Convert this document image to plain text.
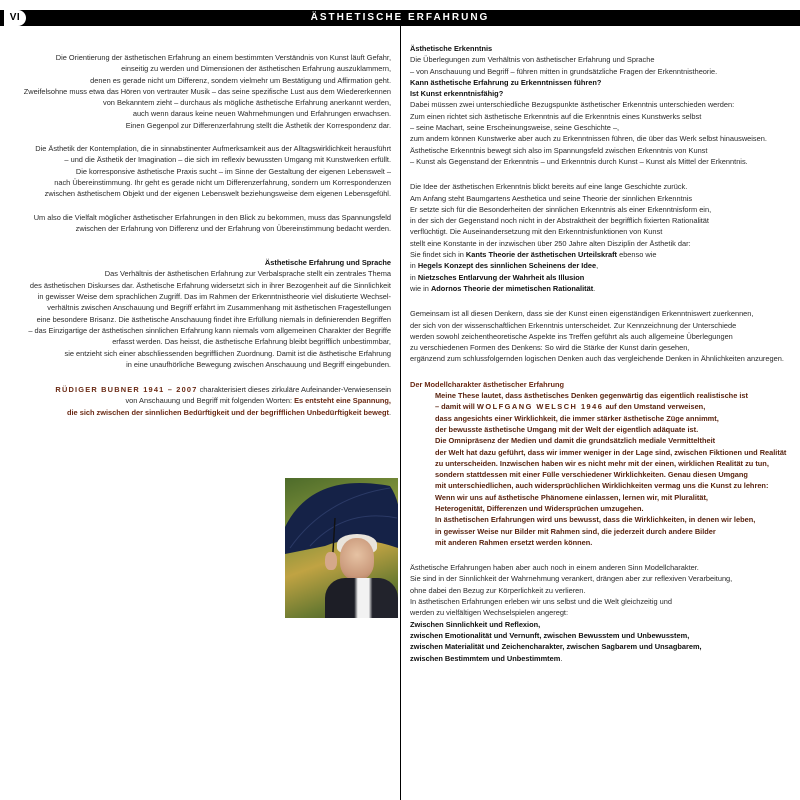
VI	ÄSTHETISCHE ERFAHRUNG

Die Orientierung der ästhetischen Erfahrung an einem bestimmten Verständnis von Kunst läuft Gefahr,
einseitig zu werden und Dimensionen der ästhetischen Erfahrung auszuklammern,
denen es gerade nicht um Differenz, sondern vielmehr um Bestätigung und Affirmation geht.
Zweifelsohne muss etwa das Hören von vertrauter Musik – das seine spezifische Lust aus dem Wiedererkennen
von Bekanntem zieht – durchaus als mögliche ästhetische Erfahrung anerkannt werden,
auch wenn daraus keine neuen Wahrnehmungen und Erfahrungen erwachsen.
Einen Gegenpol zur Differenzerfahrung stellt die Ästhetik der Korrespondenz dar.

Die Ästhetik der Kontemplation, die in sinnabstinenter Aufmerksamkeit aus der Alltagswirklichkeit herausführt
– und die Ästhetik der Imagination – die sich im reflexiv bewussten Umgang mit Kunstwerken erfüllt.
Die korresponsive ästhetische Praxis sucht – im Sinne der Gestaltung der eigenen Lebenswelt –
nach Übereinstimmung. Ihr geht es gerade nicht um Differenzerfahrung, sondern um Korrespondenzen
zwischen ästhetischem Objekt und der eigenen Lebenswelt beziehungsweise dem eigenen Lebensgefühl.

Um also die Vielfalt möglicher ästhetischer Erfahrungen in den Blick zu bekommen, muss das Spannungsfeld
zwischen der Erfahrung von Differenz und der Erfahrung von Übereinstimmung bedacht werden.

Ästhetische Erfahrung und Sprache
Das Verhältnis der ästhetischen Erfahrung zur Verbalsprache stellt ein zentrales Thema
des ästhetischen Diskurses dar. Ästhetische Erfahrung widersetzt sich in ihrer Bezogenheit auf die Sinnlichkeit
in gewisser Weise dem sprachlichen Zugriff. Das im Rahmen der Erkenntnistheorie viel diskutierte Wechsel-
verhältnis zwischen Anschauung und Begriff erfährt im Zusammenhang mit ästhetischen Fragestellungen
eine besondere Brisanz. Die ästhetische Anschauung findet ihre Erfüllung niemals in definierenden Begriffen
– das Einzigartige der ästhetischen sinnlichen Erfahrung kann niemals vom allgemeinen Charakter der Begriffe
erfasst werden. Das heisst, die ästhetische Erfahrung bleibt begrifflich unbestimmbar,
sie entzieht sich einer abschliessenden begrifflichen Zuordnung. Damit ist die ästhetische Erfahrung
in eine unaufhörliche Bewegung zwischen Anschauung und Begriff eingebunden.

RÜDIGER BUBNER 1941 – 2007 charakterisiert dieses zirkuläre Aufeinander-Verwiesensein
von Anschauung und Begriff mit folgenden Worten: Es entsteht eine Spannung,
die sich zwischen der sinnlichen Bedürftigkeit und der begrifflichen Unbedürftigkeit bewegt.

Ästhetische Erkenntnis
Die Überlegungen zum Verhältnis von ästhetischer Erfahrung und Sprache
– von Anschauung und Begriff – führen mitten in grundsätzliche Fragen der Erkenntnistheorie.
Kann ästhetische Erfahrung zu Erkenntnissen führen?
Ist Kunst erkenntnisfähig?
Dabei müssen zwei unterschiedliche Bezugspunkte ästhetischer Erkenntnis unterschieden werden:
Zum einen richtet sich ästhetische Erkenntnis auf die Erkenntnis eines Kunstwerks selbst
– seine Machart, seine Erscheinungsweise, seine Geschichte –,
zum andern können Kunstwerke aber auch zu Erkenntnissen führen, die über das Werk selbst hinausweisen.
Ästhetische Erkenntnis bewegt sich also im Spannungsfeld zwischen Erkenntnis von Kunst
– Kunst als Gegenstand der Erkenntnis – und Erkenntnis durch Kunst – Kunst als Mittel der Erkenntnis.

Die Idee der ästhetischen Erkenntnis blickt bereits auf eine lange Geschichte zurück.
Am Anfang steht Baumgartens Aesthetica und seine Theorie der sinnlichen Erkenntnis
Er setzte sich für die Besonderheiten der sinnlichen Erkenntnis als einer Erkenntnisform ein,
in der sich der Gegenstand noch nicht in der Abstraktheit der begrifflich fixierten Rationalität
verflüchtigt. Die Auseinandersetzung mit den Erkenntnisfunktionen von Kunst
stellt eine Konstante in der inzwischen über 250 Jahre alten Disziplin der Ästhetik dar:
Sie findet sich in Kants Theorie der ästhetischen Urteilskraft ebenso wie
in Hegels Konzept des sinnlichen Scheinens der Idee,
in Nietzsches Entlarvung der Wahrheit als Illusion
wie in Adornos Theorie der mimetischen Rationalität.

Gemeinsam ist all diesen Denkern, dass sie der Kunst einen eigenständigen Erkenntniswert zuerkennen,
der sich von der wissenschaftlichen Erkenntnis unterscheidet. Zur Kennzeichnung der Unterschiede
werden sowohl zeichentheoretische Aspekte ins Treffen geführt als auch allgemeine Überlegungen
zu verschiedenen Formen des Denkens: So wird die Stärke der Kunst darin gesehen,
ergänzend zum schlussfolgernden logischen Denken auch das vergleichende Denken in Ähnlichkeiten anzuregen.

Der Modellcharakter ästhetischer Erfahrung
Meine These lautet, dass ästhetisches Denken gegenwärtig das eigentlich realistische ist
– damit will WOLFGANG WELSCH 1946 auf den Umstand verweisen,
dass angesichts einer Wirklichkeit, die immer stärker ästhetische Züge annimmt,
der bewusste ästhetische Umgang mit der Welt der eigentlich adäquate ist.
Die Omnipräsenz der Medien und damit die grundsätzlich mediale Vermitteltheit
der Welt hat dazu geführt, dass wir immer weniger in der Lage sind, zwischen Fiktionen und Realität
zu unterscheiden. Inzwischen haben wir es nicht mehr mit der einen, wirklichen Realität zu tun,
sondern stattdessen mit einer Fülle verschiedener Wirklichkeiten. Genau diesen Umgang
mit unterschiedlichen, auch widersprüchlichen Wirklichkeiten vermag uns die Kunst zu lehren:
Wenn wir uns auf ästhetische Phänomene einlassen, lernen wir, mit Pluralität,
Heterogenität, Differenzen und Widersprüchen umzugehen.
In ästhetischen Erfahrungen wird uns bewusst, dass die Wirklichkeiten, in denen wir leben,
in gewisser Weise nur Bilder mit Rahmen sind, die jederzeit durch andere Bilder
mit anderen Rahmen ersetzt werden können.

Ästhetische Erfahrungen haben aber auch noch in einem anderen Sinn Modellcharakter.
Sie sind in der Sinnlichkeit der Wahrnehmung verankert, drängen aber zur reflexiven Verarbeitung,
ohne dabei den Bezug zur Körperlichkeit zu verlieren.
In ästhetischen Erfahrungen erleben wir uns selbst und die Welt gleichzeitig und
werden zu vielfältigen Wechselspielen angeregt:
Zwischen Sinnlichkeit und Reflexion,
zwischen Emotionalität und Vernunft, zwischen Bewusstem und Unbewusstem,
zwischen Materialität und Zeichencharakter, zwischen Sagbarem und Unsagbarem,
zwischen Bestimmtem und Unbestimmtem.
